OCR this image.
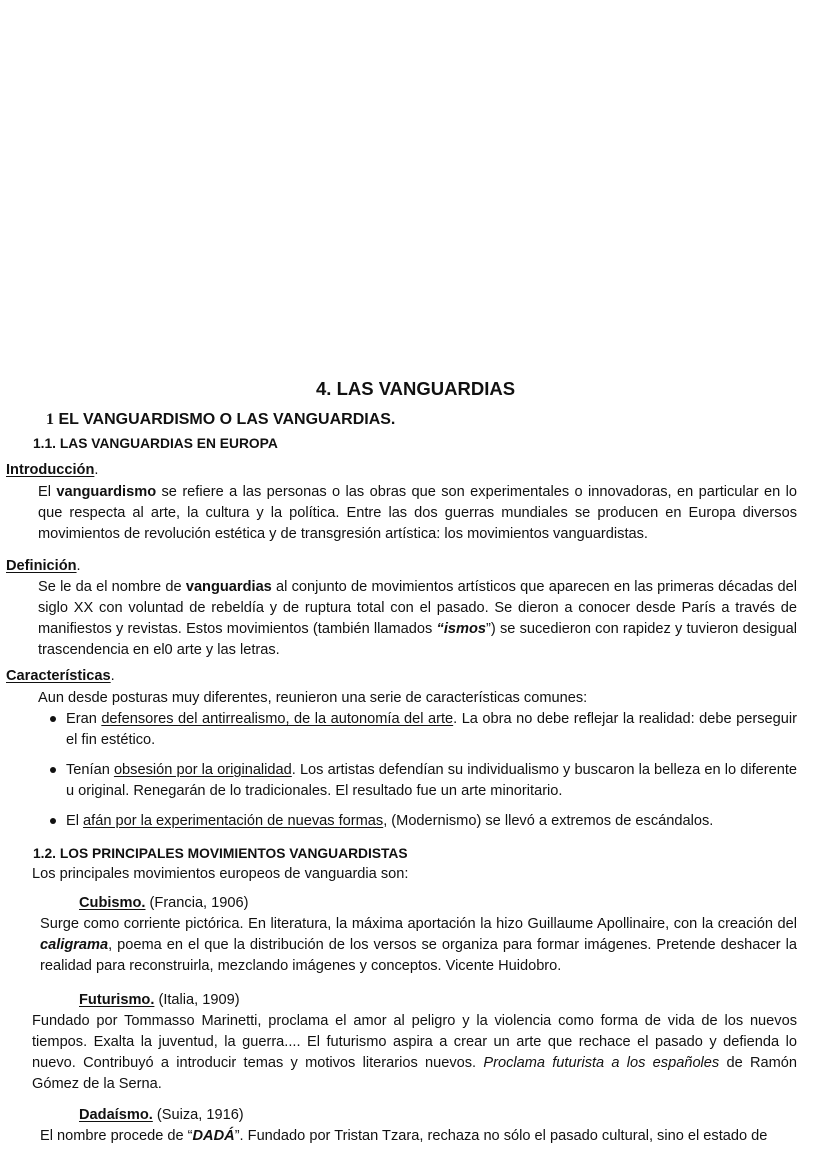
4. LAS VANGUARDIAS
1 EL VANGUARDISMO O LAS VANGUARDIAS.
1.1. LAS VANGUARDIAS EN EUROPA
Introducción.
El vanguardismo se refiere a las personas o las obras que son experimentales o innovadoras, en particular en lo que respecta al arte, la cultura y la política. Entre las dos guerras mundiales se producen en Europa diversos movimientos de revolución estética y de transgresión artística: los movimientos vanguardistas.
Definición.
Se le da el nombre de vanguardias al conjunto de movimientos artísticos que aparecen en las primeras décadas del siglo XX con voluntad de rebeldía y de ruptura total con el pasado. Se dieron a conocer desde París a través de manifiestos y revistas. Estos movimientos (también llamados “ismos”) se sucedieron con rapidez y tuvieron desigual trascendencia en el0 arte y las letras.
Características.
Aun desde posturas muy diferentes, reunieron una serie de características comunes:
Eran defensores del antirrealismo, de la autonomía del arte. La obra no debe reflejar la realidad: debe perseguir el fin estético.
Tenían obsesión por la originalidad. Los artistas defendían su individualismo y buscaron la belleza en lo diferente u original. Renegarán de lo tradicionales. El resultado fue un arte minoritario.
El afán por la experimentación de nuevas formas, (Modernismo) se llevó a extremos de escándalos.
1.2. LOS PRINCIPALES MOVIMIENTOS VANGUARDISTAS
Los principales movimientos europeos de vanguardia son:
Cubismo. (Francia, 1906)
Surge como corriente pictórica. En literatura, la máxima aportación la hizo Guillaume Apollinaire, con la creación del caligrama, poema en el que la distribución de los versos se organiza para formar imágenes. Pretende deshacer la realidad para reconstruirla, mezclando imágenes y conceptos. Vicente Huidobro.
Futurismo. (Italia, 1909)
Fundado por Tommasso Marinetti, proclama el amor al peligro y la violencia como forma de vida de los nuevos tiempos. Exalta la juventud, la guerra.... El futurismo aspira a crear un arte que rechace el pasado y defienda lo nuevo. Contribuyó a introducir temas y motivos literarios nuevos. Proclama futurista a los españoles de Ramón Gómez de la Serna.
Dadaísmo. (Suiza, 1916)
El nombre procede de “DADÁ”. Fundado por Tristan Tzara, rechaza no sólo el pasado cultural, sino el estado de
